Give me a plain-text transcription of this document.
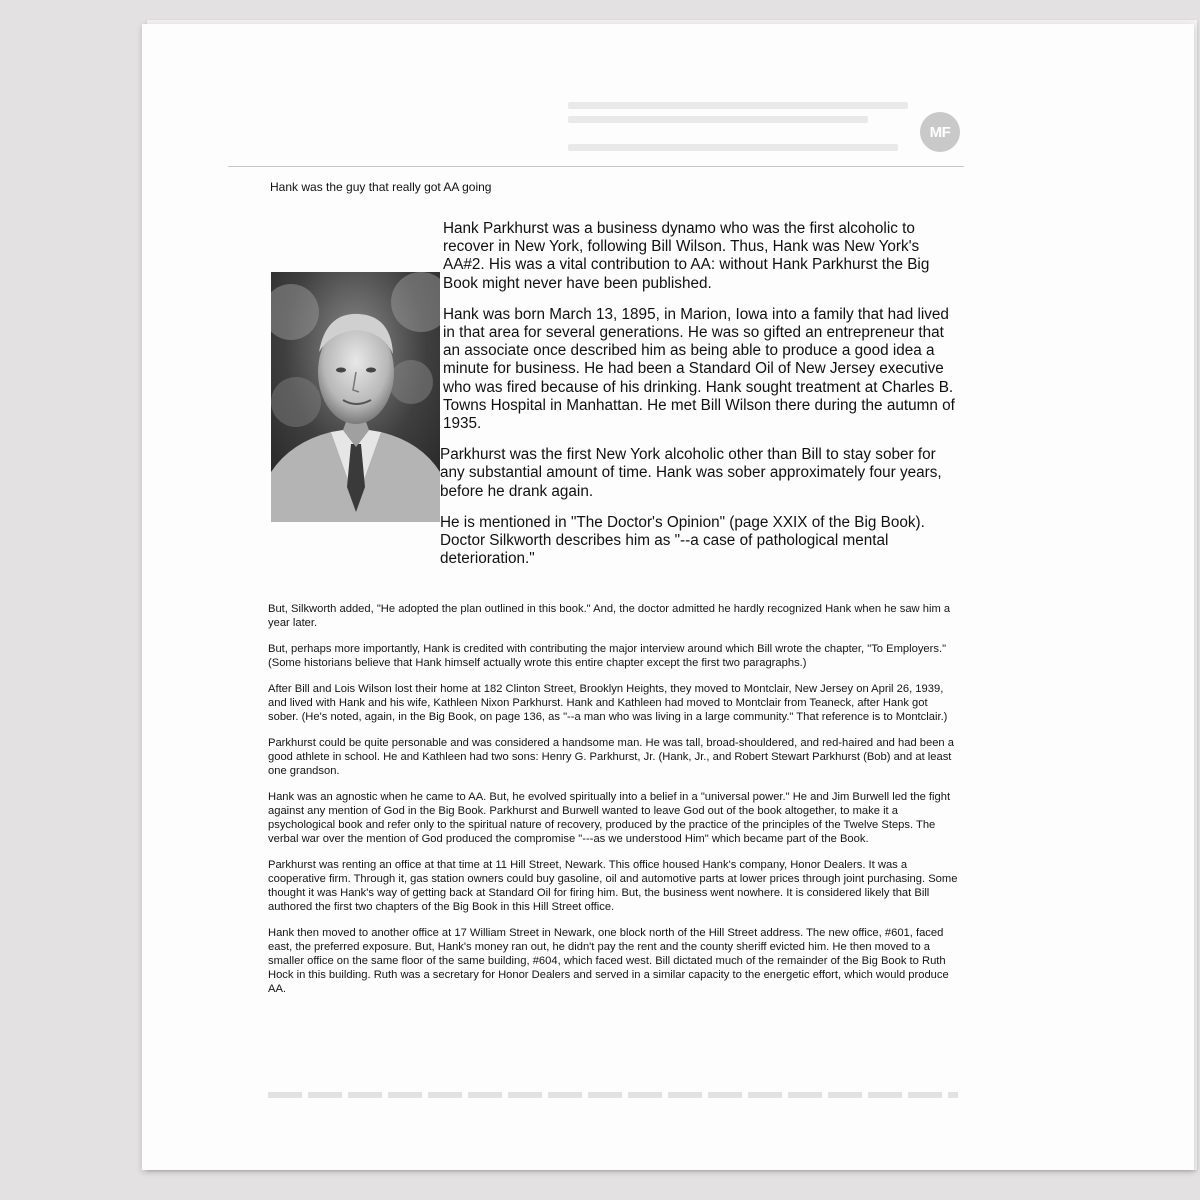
MF
Hank was the guy that really got AA going

Hank Parkhurst was a business dynamo who was the first alcoholic to recover in New York, following Bill Wilson. Thus, Hank was New York's AA#2. His was a vital contribution to AA: without Hank Parkhurst the Big Book might never have been published.

Hank was born March 13, 1895, in Marion, Iowa into a family that had lived in that area for several generations. He was so gifted an entrepreneur that an associate once described him as being able to produce a good idea a minute for business. He had been a Standard Oil of New Jersey executive who was fired because of his drinking. Hank sought treatment at Charles B. Towns Hospital in Manhattan. He met Bill Wilson there during the autumn of 1935.

Parkhurst was the first New York alcoholic other than Bill to stay sober for any substantial amount of time. Hank was sober approximately four years, before he drank again.

He is mentioned in "The Doctor's Opinion" (page XXIX of the Big Book). Doctor Silkworth describes him as "--a case of pathological mental deterioration."

But, Silkworth added, "He adopted the plan outlined in this book." And, the doctor admitted he hardly recognized Hank when he saw him a year later.

But, perhaps more importantly, Hank is credited with contributing the major interview around which Bill wrote the chapter, "To Employers." (Some historians believe that Hank himself actually wrote this entire chapter except the first two paragraphs.)

After Bill and Lois Wilson lost their home at 182 Clinton Street, Brooklyn Heights, they moved to Montclair, New Jersey on April 26, 1939, and lived with Hank and his wife, Kathleen Nixon Parkhurst. Hank and Kathleen had moved to Montclair from Teaneck, after Hank got sober. (He's noted, again, in the Big Book, on page 136, as "--a man who was living in a large community." That reference is to Montclair.)

Parkhurst could be quite personable and was considered a handsome man. He was tall, broad-shouldered, and red-haired and had been a good athlete in school. He and Kathleen had two sons: Henry G. Parkhurst, Jr. (Hank, Jr., and Robert Stewart Parkhurst (Bob) and at least one grandson.

Hank was an agnostic when he came to AA. But, he evolved spiritually into a belief in a "universal power." He and Jim Burwell led the fight against any mention of God in the Big Book. Parkhurst and Burwell wanted to leave God out of the book altogether, to make it a psychological book and refer only to the spiritual nature of recovery, produced by the practice of the principles of the Twelve Steps. The verbal war over the mention of God produced the compromise "---as we understood Him" which became part of the Book.

Parkhurst was renting an office at that time at 11 Hill Street, Newark. This office housed Hank's company, Honor Dealers. It was a cooperative firm. Through it, gas station owners could buy gasoline, oil and automotive parts at lower prices through joint purchasing. Some thought it was Hank's way of getting back at Standard Oil for firing him. But, the business went nowhere. It is considered likely that Bill authored the first two chapters of the Big Book in this Hill Street office.

Hank then moved to another office at 17 William Street in Newark, one block north of the Hill Street address. The new office, #601, faced east, the preferred exposure. But, Hank's money ran out, he didn't pay the rent and the county sheriff evicted him. He then moved to a smaller office on the same floor of the same building, #604, which faced west. Bill dictated much of the remainder of the Big Book to Ruth Hock in this building. Ruth was a secretary for Honor Dealers and served in a similar capacity to the energetic effort, which would produce AA.
